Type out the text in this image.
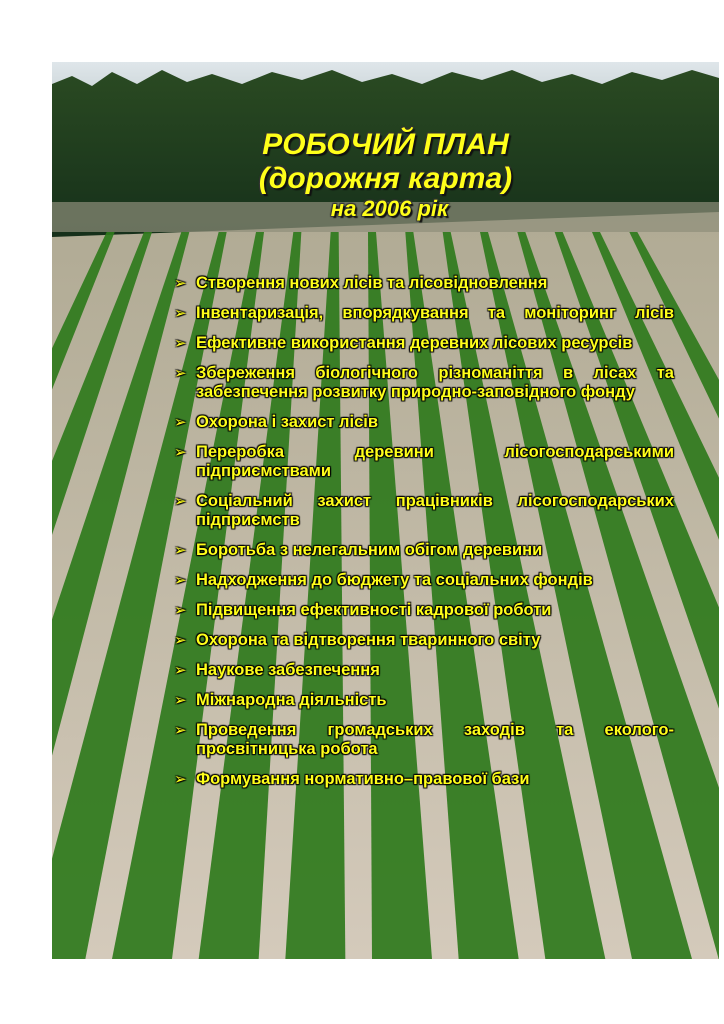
РОБОЧИЙ ПЛАН
(дорожня карта)
на 2006 рік
➢ Створення нових лісів та лісовідновлення
➢ Інвентаризація, впорядкування та моніторинг лісів
➢ Ефективне використання деревних лісових ресурсів
➢ Збереження біологічного різноманіття в лісах та забезпечення розвитку природно-заповідного фонду
➢ Охорона і захист лісів
➢ Переробка деревини лісогосподарськими підприємствами
➢ Соціальний захист працівників лісогосподарських підприємств
➢ Боротьба з нелегальним обігом деревини
➢ Надходження до бюджету та соціальних фондів
➢ Підвищення ефективності кадрової роботи
➢ Охорона та відтворення тваринного світу
➢ Наукове забезпечення
➢ Міжнародна діяльність
➢ Проведення громадських заходів та еколого-просвітницька робота
➢ Формування нормативно–правової бази
